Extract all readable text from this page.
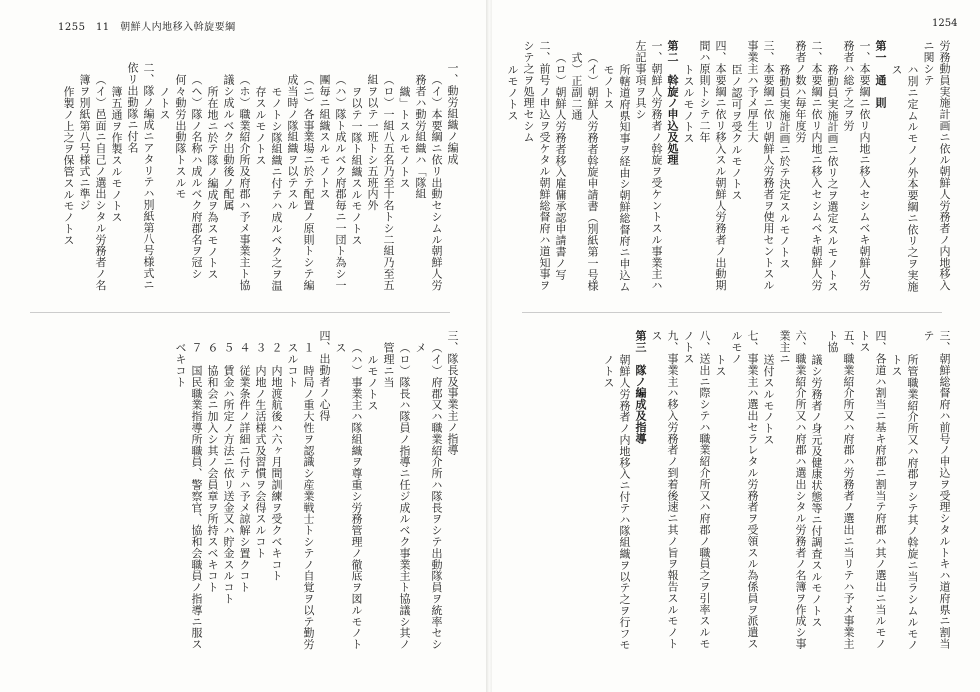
1255　11　朝鮮人内地移入斡旋要綱

一、動労組織ノ編成

（イ）本要綱ニ依リ出動セシムル朝鮮人労務者ハ動労組織ハ「隊組

織」トスルモノトス

（ロ）一組八五名乃至十名トシ二組乃至五組ヲ以テ一班トシ五班内外

ヲ以テ一隊ト組織スルモノトス

（ハ）隊ト成ルベク府郡毎ニ一団ト為シ一團毎ニ組織スルモノトス

（ニ）各事業場ニ於テ配置ノ原則トシテ編成当時ノ隊組織ヲ以テスル

モノトシ隊組織ニ付テハ成ルベク之ヲ温存スルモノトス

（ホ）職業紹介所及府郡ハ予メ事業主ト協議シ成ルベク出動後ノ配属

所在地ニ於テ隊ノ編成ヲ為スモノトス

（ヘ）隊ノ名称ハ成ルベク府郡名ヲ冠シ何々動労出動隊トスルモ

ノトス

二、隊ノ編成ニアタリテハ別紙第八号様式ニ依リ出動隊ニ付名

簿五通ヲ作製スルモノトス

（イ）邑面ニ自己ノ選出シタル労務者ノ名簿ヲ別紙第八号様式ニ準ジ

作製ノ上之ヲ保管スルモノトス

三、隊長及事業主ノ指導

（イ）府郡又ハ職業紹介所ハ隊長ヲシテ出動隊員ヲ統率セシメ

（ロ）隊長ハ隊員ノ指導ニ任ジ成ルベク事業主ト協議シ其ノ管理ニ当

ルモノトス

（ハ）事業主ハ隊組織ヲ尊重シ労務管理ノ徹底ヲ図ルモノトス

四、出動者ノ心得

１　時局ノ重大性ヲ認識シ産業戦士トシテノ自覚ヲ以テ勤労スルコト

２　内地渡航後ハ六ヶ月間訓練ヲ受クベキコト

３　内地ノ生活様式及習慣ヲ会得スルコト

４　従業条件ノ詳細ニ付テハ予メ諒解シ置クコト

５　賃金ハ所定ノ方法ニ依リ送金又ハ貯金スルコト

６　協和会ニ加入シ其ノ会員章ヲ所持スベキコト

７　国民職業指導所職員、警察官、協和会職員ノ指導ニ服スベキコト

1254

労務動員実施計画ニ依ル朝鮮人労務者ノ内地移入ニ関シテ

ハ別ニ定ムルモノノ外本要綱ニ依リ之ヲ実施ス

第一　通　則

一、本要綱ニ依リ内地ニ移入セシムベキ朝鮮人労務者ハ総テ之ヲ労

務動員実施計画ニ依リ之ヲ選定スルモノトス

二、本要綱ニ依リ内地ニ移入セシムベキ朝鮮人労務者ノ数ハ毎年度労

務動員実施計画ニ於テ決定スルモノトス

三、本要綱ニ依リ朝鮮人労務者ヲ使用セントスル事業主ハ予メ厚生大

臣ノ認可ヲ受クルモノトス

四、本要綱ニ依リ移入スル朝鮮人労務者ノ出動期間ハ原則トシテ二年

トスルモノトス

第二　斡旋ノ申込及処理

一、朝鮮人労務者ノ斡旋ヲ受ケントスル事業主ハ左記事項ヲ具シ

所轄道府県知事ヲ経由シ朝鮮総督府ニ申込ムモノトス

（イ）朝鮮人労務者斡旋申請書（別紙第一号様式）正副二通

（ロ）朝鮮人労務者移入雇傭承認申請書ノ写

二、前号ノ申込ヲ受ケタル朝鮮総督府ハ道知事ヲシテ之ヲ処理セシム

ルモノトス

三、朝鮮総督府ハ前号ノ申込ヲ受理シタルトキハ道府県ニ割当テ

所管職業紹介所又ハ府郡ヲシテ其ノ斡旋ニ当ラシムルモノトス

四、各道ハ割当ニ基キ府郡ニ割当テ府郡ハ其ノ選出ニ当ルモノトス

五、職業紹介所又ハ府郡ハ労務者ノ選出ニ当リテハ予メ事業主ト協

議シ労務者ノ身元及健康状態等ニ付調査スルモノトス

六、職業紹介所又ハ府郡ハ選出シタル労務者ノ名簿ヲ作成シ事業主ニ

送付スルモノトス

七、事業主ハ選出セラレタル労務者ヲ受領スル為係員ヲ派遣スルモノ

トス

八、送出ニ際シテハ職業紹介所又ハ府郡ノ職員之ヲ引率スルモノトス

九、事業主ハ移入労務者ノ到着後速ニ其ノ旨ヲ報告スルモノトス

第三　隊ノ編成及指導

朝鮮人労務者ノ内地移入ニ付テハ隊組織ヲ以テ之ヲ行フモノトス
